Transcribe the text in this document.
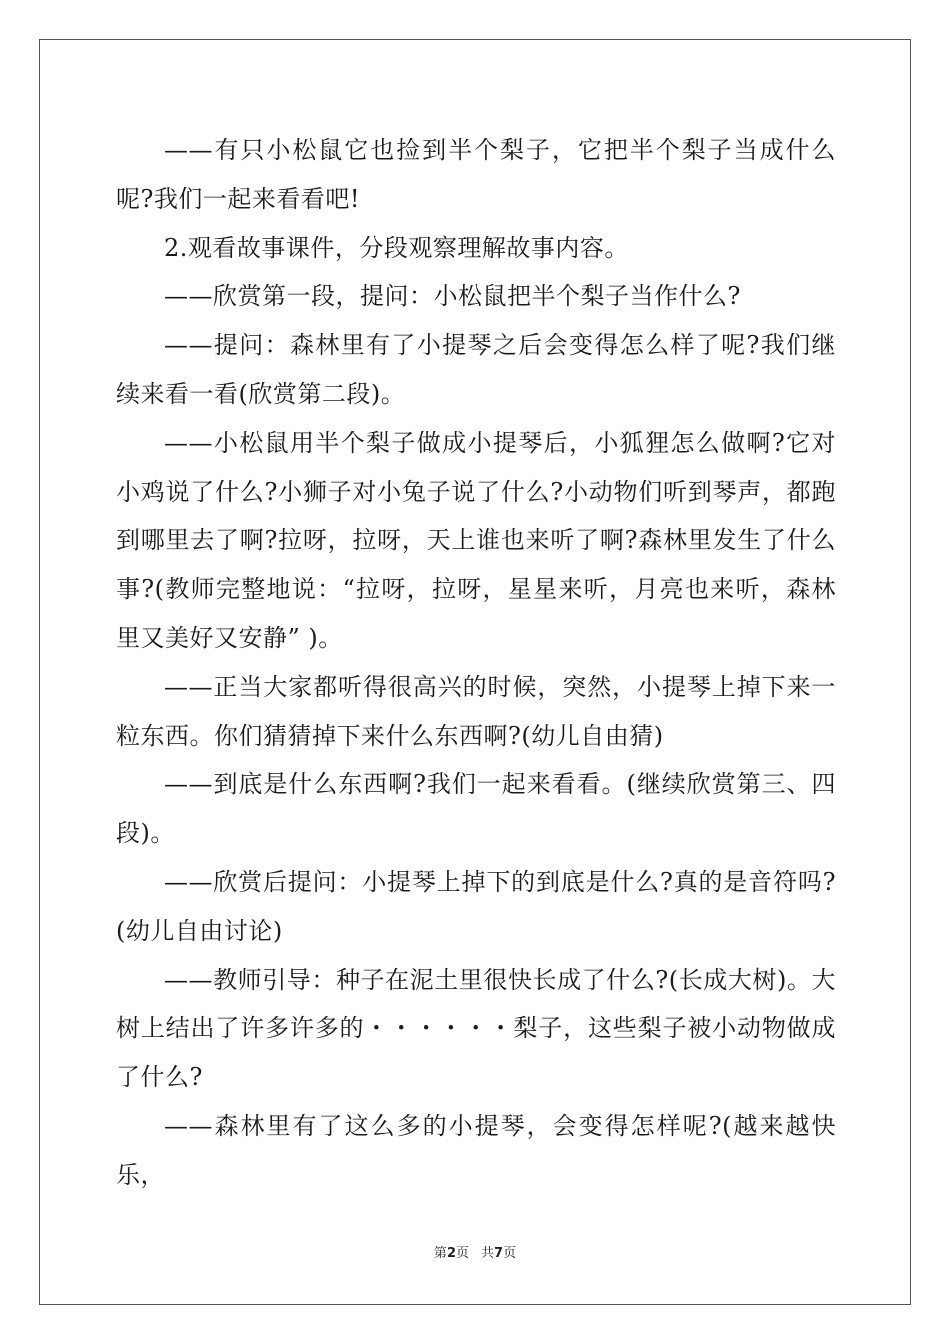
——有只小松鼠它也捡到半个梨子，它把半个梨子当成什么呢?我们一起来看看吧!

2.观看故事课件，分段观察理解故事内容。

——欣赏第一段，提问：小松鼠把半个梨子当作什么?

——提问：森林里有了小提琴之后会变得怎么样了呢?我们继续来看一看(欣赏第二段)。

——小松鼠用半个梨子做成小提琴后，小狐狸怎么做啊?它对小鸡说了什么?小狮子对小兔子说了什么?小动物们听到琴声，都跑到哪里去了啊?拉呀，拉呀，天上谁也来听了啊?森林里发生了什么事?(教师完整地说：“拉呀，拉呀，星星来听，月亮也来听，森林里又美好又安静” )。

——正当大家都听得很高兴的时候，突然，小提琴上掉下来一粒东西。你们猜猜掉下来什么东西啊?(幼儿自由猜)

——到底是什么东西啊?我们一起来看看。(继续欣赏第三、四段)。

——欣赏后提问：小提琴上掉下的到底是什么?真的是音符吗?(幼儿自由讨论)

——教师引导：种子在泥土里很快长成了什么?(长成大树)。大树上结出了许多许多的・・・・・・梨子，这些梨子被小动物做成了什么?

——森林里有了这么多的小提琴，会变得怎样呢?(越来越快乐，

第2页 共7页
